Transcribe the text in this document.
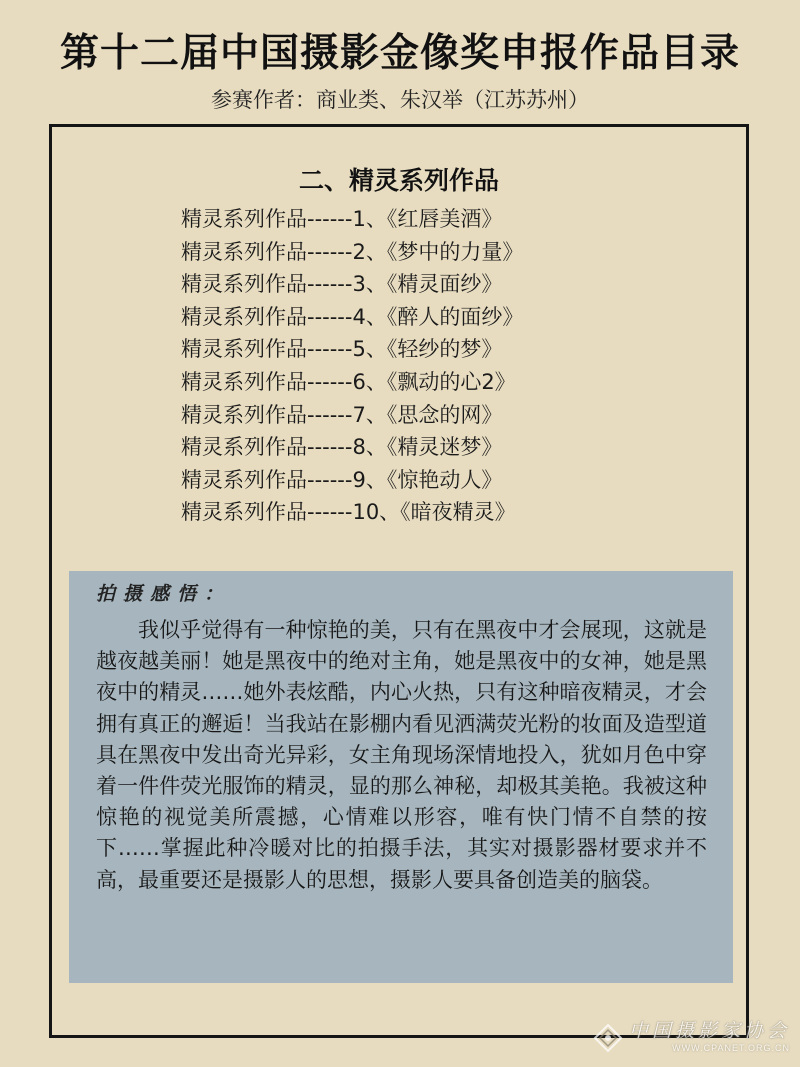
第十二届中国摄影金像奖申报作品目录

参赛作者：商业类、朱汉举（江苏苏州）

二、精灵系列作品
精灵系列作品------1、《红唇美酒》
精灵系列作品------2、《梦中的力量》
精灵系列作品------3、《精灵面纱》
精灵系列作品------4、《醉人的面纱》
精灵系列作品------5、《轻纱的梦》
精灵系列作品------6、《飘动的心2》
精灵系列作品------7、《思念的网》
精灵系列作品------8、《精灵迷梦》
精灵系列作品------9、《惊艳动人》
精灵系列作品------10、《暗夜精灵》
拍摄感悟：

我似乎觉得有一种惊艳的美，只有在黑夜中才会展现，这就是越夜越美丽！她是黑夜中的绝对主角，她是黑夜中的女神，她是黑夜中的精灵……她外表炫酷，内心火热，只有这种暗夜精灵，才会拥有真正的邂逅！当我站在影棚内看见洒满荧光粉的妆面及造型道具在黑夜中发出奇光异彩，女主角现场深情地投入，犹如月色中穿着一件件荧光服饰的精灵，显的那么神秘，却极其美艳。我被这种惊艳的视觉美所震撼，心情难以形容，唯有快门情不自禁的按下……掌握此种冷暖对比的拍摄手法，其实对摄影器材要求并不高，最重要还是摄影人的思想，摄影人要具备创造美的脑袋。

中国摄影家协会
WWW.CPANET.ORG.CN
